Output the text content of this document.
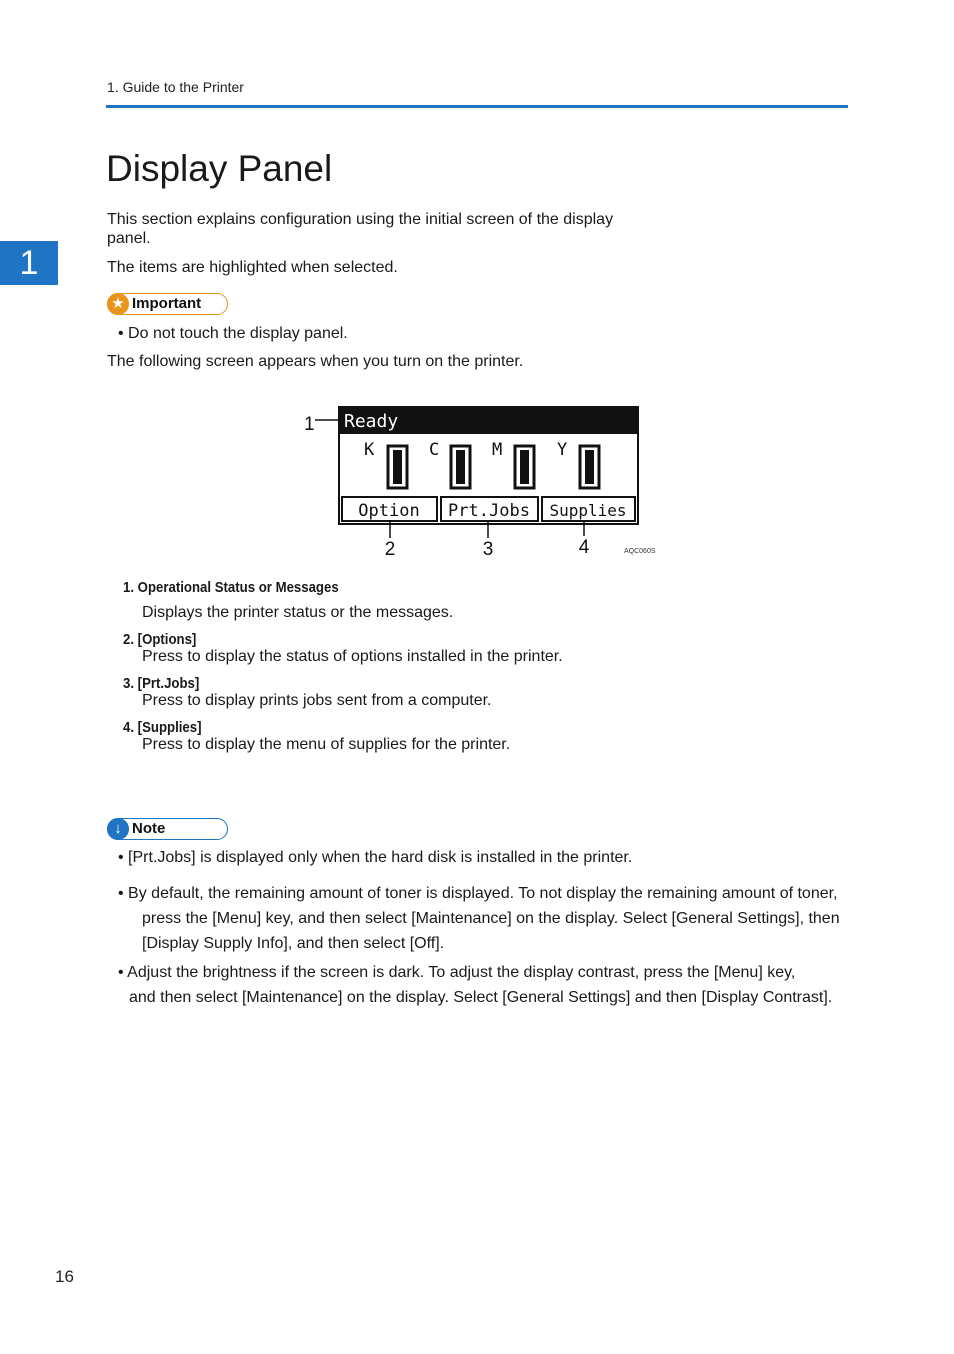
1. Guide to the Printer
1
Display Panel

This section explains configuration using the initial screen of the display panel.

The items are highlighted when selected.

★ Important

• Do not touch the display panel.

The following screen appears when you turn on the printer.

Ready
K	C	M	Y
Option Prt.Jobs Supplies
1
2	3	4	AQC060S

1. Operational Status or Messages

Displays the printer status or the messages.

2. [Options]

Press to display the status of options installed in the printer.

3. [Prt.Jobs]

Press to display prints jobs sent from a computer.

4. [Supplies]

Press to display the menu of supplies for the printer.

↓ Note

• [Prt.Jobs] is displayed only when the hard disk is installed in the printer.

• By default, the remaining amount of toner is displayed. To not display the remaining amount of toner,
press the [Menu] key, and then select [Maintenance] on the display. Select [General Settings], then
[Display Supply Info], and then select [Off].
• Adjust the brightness if the screen is dark. To adjust the display contrast, press the [Menu] key,
and then select [Maintenance] on the display. Select [General Settings] and then [Display Contrast].
16
